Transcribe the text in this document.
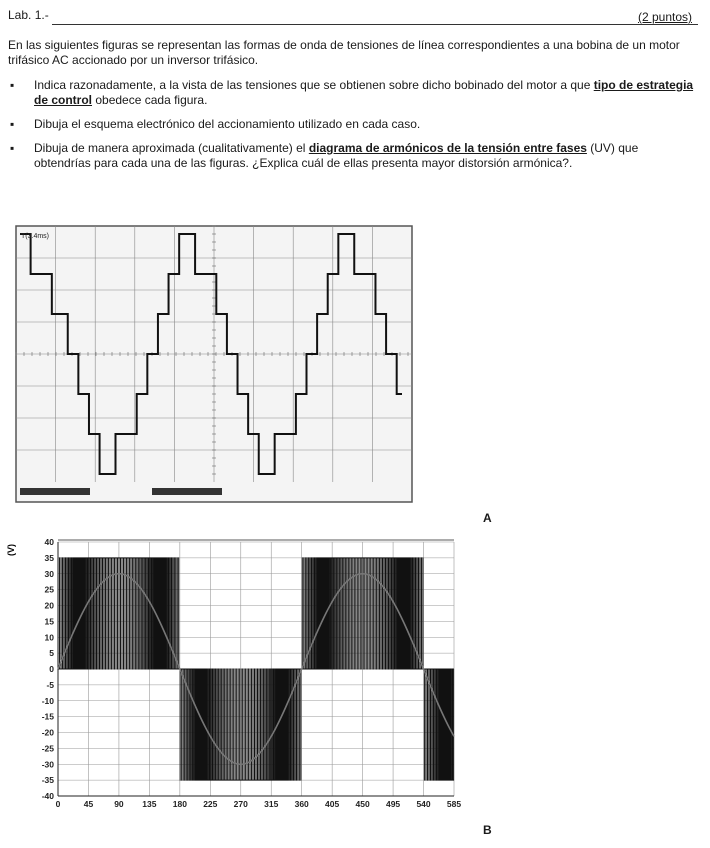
Lab. 1.-	(2 puntos)
En las siguientes figuras se representan las formas de onda de tensiones de línea correspondientes a una bobina de un motor trifásico AC accionado por un inversor trifásico.
▪ Indica razonadamente, a la vista de las tensiones que se obtienen sobre dicho bobinado del motor a que tipo de estrategia de control obedece cada figura.
▪ Dibuja el esquema electrónico del accionamiento utilizado en cada caso.
▪ Dibuja de manera aproximada (cualitativamente) el diagrama de armónicos de la tensión entre fases (UV) que obtendrías para cada una de las figuras. ¿Explica cuál de ellas presenta mayor distorsión armónica?.
T(3.4ms)
A
-40
-35
-30
-25
-20
-15
-10
-5
0
5
10
15
20
25
30
35
40
0	45 90 135 180 225 270 315 360 405 450 495 540 585
(V)
B
